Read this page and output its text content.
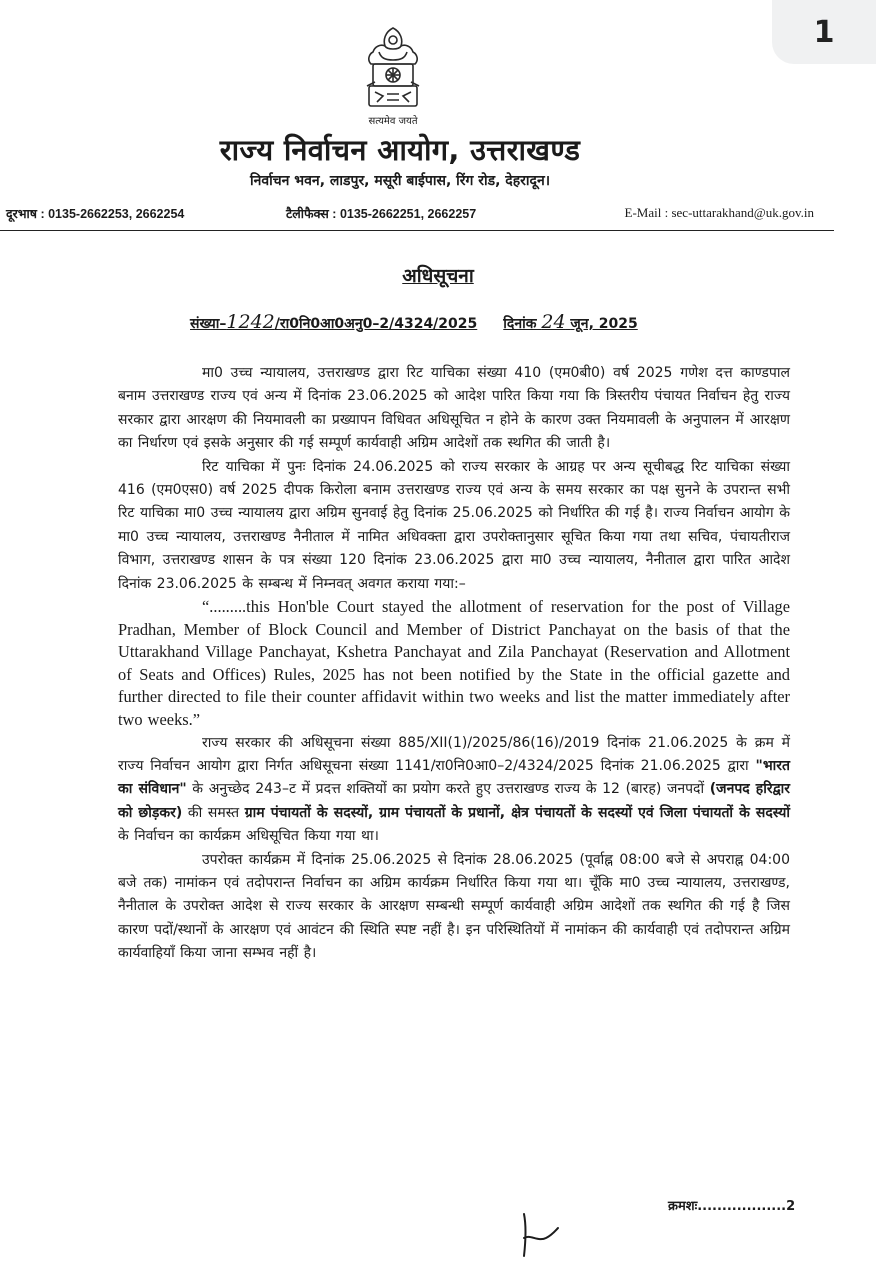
1
सत्यमेव जयते
राज्य निर्वाचन आयोग, उत्तराखण्ड
निर्वाचन भवन, लाडपुर, मसूरी बाईपास, रिंग रोड, देहरादून।
दूरभाष : 0135-2662253, 2662254	टैलीफैक्स : 0135-2662251, 2662257	E-Mail : sec-uttarakhand@uk.gov.in
अधिसूचना
संख्या–1242/रा0नि0आ0अनु0–2/4324/2025 दिनांक 24 जून, 2025

मा0 उच्च न्यायालय, उत्तराखण्ड द्वारा रिट याचिका संख्या 410 (एम0बी0) वर्ष 2025 गणेश दत्त काण्डपाल बनाम उत्तराखण्ड राज्य एवं अन्य में दिनांक 23.06.2025 को आदेश पारित किया गया कि त्रिस्तरीय पंचायत निर्वाचन हेतु राज्य सरकार द्वारा आरक्षण की नियमावली का प्रख्यापन विधिवत अधिसूचित न होने के कारण उक्त नियमावली के अनुपालन में आरक्षण का निर्धारण एवं इसके अनुसार की गई सम्पूर्ण कार्यवाही अग्रिम आदेशों तक स्थगित की जाती है।

रिट याचिका में पुनः दिनांक 24.06.2025 को राज्य सरकार के आग्रह पर अन्य सूचीबद्ध रिट याचिका संख्या 416 (एम0एस0) वर्ष 2025 दीपक किरोला बनाम उत्तराखण्ड राज्य एवं अन्य के समय सरकार का पक्ष सुनने के उपरान्त सभी रिट याचिका मा0 उच्च न्यायालय द्वारा अग्रिम सुनवाई हेतु दिनांक 25.06.2025 को निर्धारित की गई है। राज्य निर्वाचन आयोग के मा0 उच्च न्यायालय, उत्तराखण्ड नैनीताल में नामित अधिवक्ता द्वारा उपरोक्तानुसार सूचित किया गया तथा सचिव, पंचायतीराज विभाग, उत्तराखण्ड शासन के पत्र संख्या 120 दिनांक 23.06.2025 द्वारा मा0 उच्च न्यायालय, नैनीताल द्वारा पारित आदेश दिनांक 23.06.2025 के सम्बन्ध में निम्नवत् अवगत कराया गया:–

“.........this Hon'ble Court stayed the allotment of reservation for the post of Village Pradhan, Member of Block Council and Member of District Panchayat on the basis of that the Uttarakhand Village Panchayat, Kshetra Panchayat and Zila Panchayat (Reservation and Allotment of Seats and Offices) Rules, 2025 has not been notified by the State in the official gazette and further directed to file their counter affidavit within two weeks and list the matter immediately after two weeks.”

राज्य सरकार की अधिसूचना संख्या 885/XII(1)/2025/86(16)/2019 दिनांक 21.06.2025 के क्रम में राज्य निर्वाचन आयोग द्वारा निर्गत अधिसूचना संख्या 1141/रा0नि0आ0–2/4324/2025 दिनांक 21.06.2025 द्वारा "भारत का संविधान" के अनुच्छेद 243–ट में प्रदत्त शक्तियों का प्रयोग करते हुए उत्तराखण्ड राज्य के 12 (बारह) जनपदों (जनपद हरिद्वार को छोड़कर) की समस्त ग्राम पंचायतों के सदस्यों, ग्राम पंचायतों के प्रधानों, क्षेत्र पंचायतों के सदस्यों एवं जिला पंचायतों के सदस्यों के निर्वाचन का कार्यक्रम अधिसूचित किया गया था।

उपरोक्त कार्यक्रम में दिनांक 25.06.2025 से दिनांक 28.06.2025 (पूर्वाह्न 08:00 बजे से अपराह्न 04:00 बजे तक) नामांकन एवं तदोपरान्त निर्वाचन का अग्रिम कार्यक्रम निर्धारित किया गया था। चूँकि मा0 उच्च न्यायालय, उत्तराखण्ड, नैनीताल के उपरोक्त आदेश से राज्य सरकार के आरक्षण सम्बन्धी सम्पूर्ण कार्यवाही अग्रिम आदेशों तक स्थगित की गई है जिस कारण पदों/स्थानों के आरक्षण एवं आवंटन की स्थिति स्पष्ट नहीं है। इन परिस्थितियों में नामांकन की कार्यवाही एवं तदोपरान्त अग्रिम कार्यवाहियाँ किया जाना सम्भव नहीं है।

क्रमशः..................2
